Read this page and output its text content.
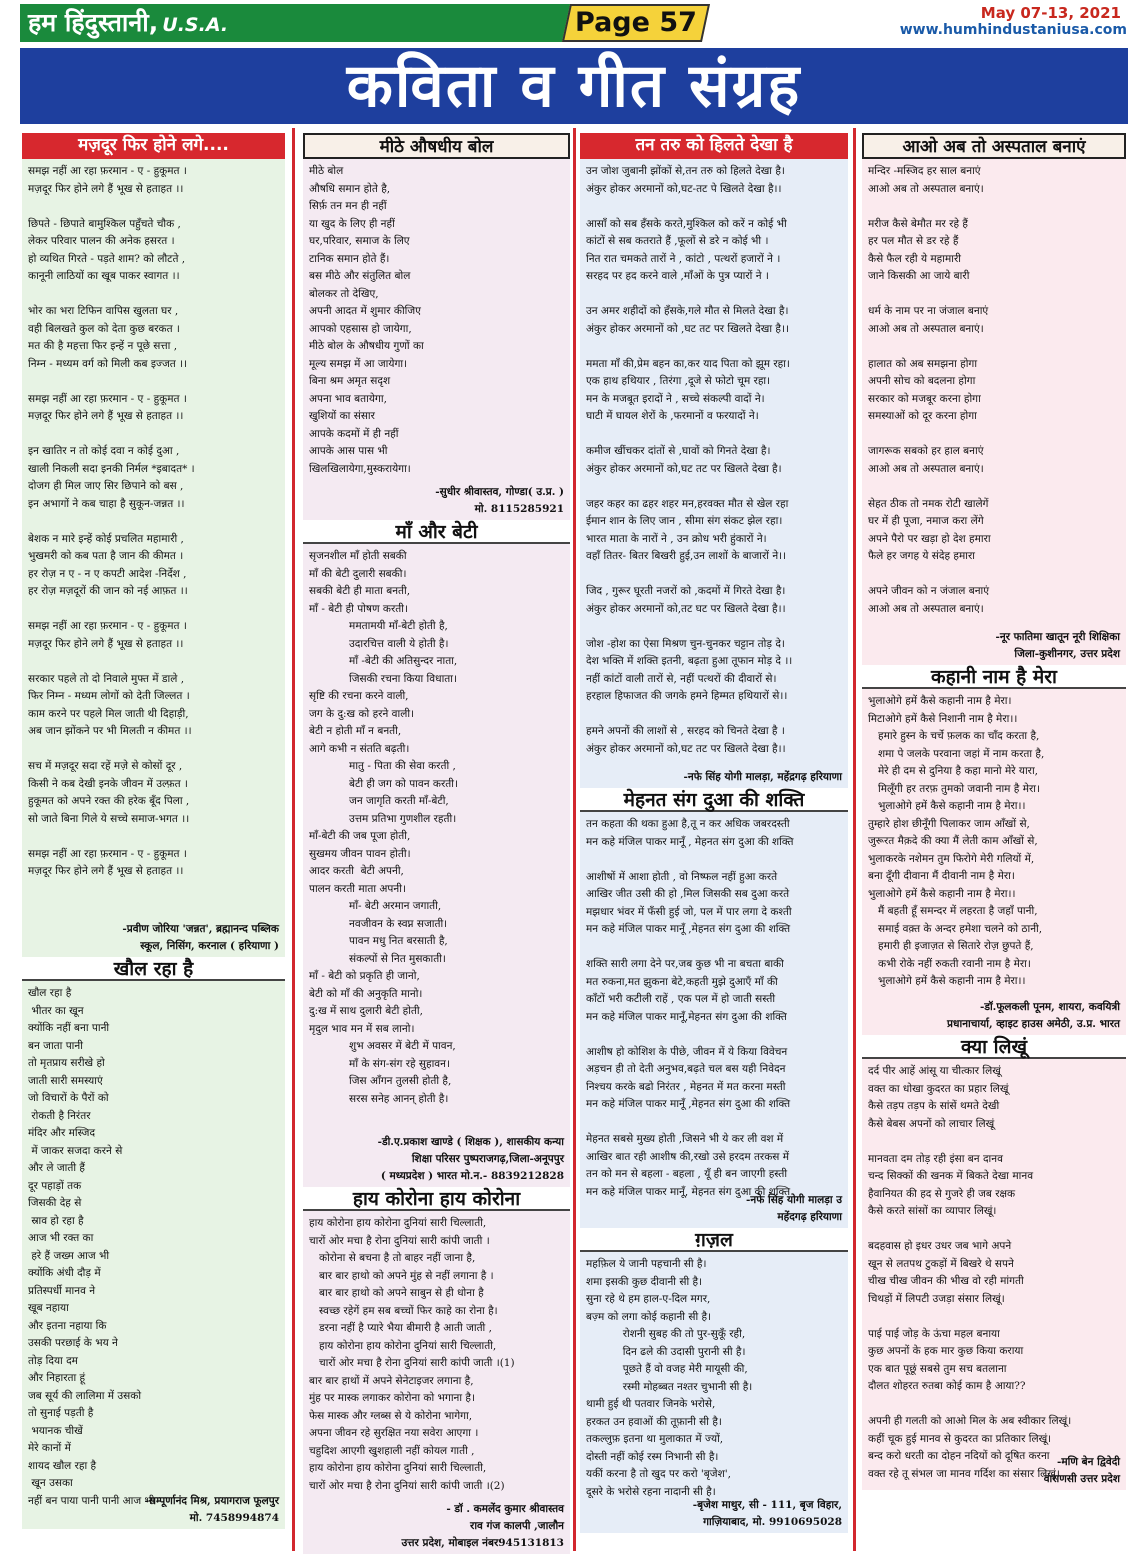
हम हिंदुस्तानी, U.S.A.	Page 57	May 07-13, 2021
www.humhindustaniusa.com
कविता व गीत संग्रह
मज़दूर फिर होने लगे....
समझ नहीं आ रहा फ़रमान - ए - हुकूमत ।
मज़दूर फिर होने लगे हैं भूख से हताहत ।।

छिपते - छिपाते बामुश्किल पहुँचते चौक ,
लेकर परिवार पालन की अनेक हसरत ।
हो व्यथित गिरते - पड़ते शाम? को लौटते ,
कानूनी लाठियों का खूब पाकर स्वागत ।।

भोर का भरा टिफिन वापिस खुलता घर ,
वही बिलखते कुल को देता कुछ बरकत ।
मत की है महत्ता फिर इन्हें न पूछे सत्ता ,
निम्न - मध्यम वर्ग को मिली कब इज्जत ।।

समझ नहीं आ रहा फ़रमान - ए - हुकूमत ।
मज़दूर फिर होने लगे हैं भूख से हताहत ।।

इन खातिर न तो कोई दवा न कोई दुआ ,
खाली निकली सदा इनकी निर्मल *इबादत* ।
दोजग ही मिल जाए सिर छिपाने को बस ,
इन अभागों ने कब चाहा है सुकून-जन्नत ।।

बेशक न मारे इन्हें कोई प्रचलित महामारी ,
भुखमरी को कब पता है जान की कीमत ।
हर रोज़ न ए - न ए कपटी आदेश -निर्देश ,
हर रोज़ मज़दूरों की जान को नई आफ़त ।।

समझ नहीं आ रहा फ़रमान - ए - हुकूमत ।
मज़दूर फिर होने लगे हैं भूख से हताहत ।।

सरकार पहले तो दो निवाले मुफ्त में डाले ,
फिर निम्न - मध्यम लोगों को देती जिल्लत ।
काम करने पर पहले मिल जाती थी दिहाड़ी,
अब जान झोंकने पर भी मिलती न कीमत ।।

सच में मज़दूर सदा रहें मज़े से कोसों दूर ,
किसी ने कब देखी इनके जीवन में उल्फ़त ।
हुकूमत को अपने रक्त की हरेक बूँद पिला ,
सो जाते बिना गिले ये सच्चे समाज-भगत ।।

समझ नहीं आ रहा फ़रमान - ए - हुकूमत ।
मज़दूर फिर होने लगे हैं भूख से हताहत ।।
-प्रवीण जोरिया 'जन्नत', ब्रह्मानन्द पब्लिक
स्कूल, निसिंग, करनाल ( हरियाणा )
खौल रहा है
खौल रहा है
भीतर का खून
क्योंकि नहीं बना पानी
बन जाता पानी
तो मृतप्राय सरीखे हो
जाती सारी समस्याएं
जो विचारों के पैरों को
रोकती है निरंतर
मंदिर और मस्जिद
में जाकर सजदा करने से
और ले जाती हैं
दूर पहाड़ों तक
जिसकी देह से
स्राव हो रहा है
आज भी रक्त का
हरे हैं जख्म आज भी
क्योंकि अंधी दौड़ में
प्रतिस्पर्धी मानव ने
खूब नहाया
और इतना नहाया कि
उसकी परछाई के भय ने
तोड़ दिया दम
और निहारता हूं
जब सूर्य की लालिमा में उसको
तो सुनाई पड़ती है
भयानक चीखें
मेरे कानों में
शायद खौल रहा है
खून उसका
नहीं बन पाया पानी पानी आज -सम्पूर्णानंद मिश्र, प्रयागराज फूलपुर
मो. 7458994874
मीठे औषधीय बोल
मीठे बोल
औषधि समान होते है,
सिर्फ़ तन मन ही नहीं
या खुद के लिए ही नहीं
घर,परिवार, समाज के लिए
टानिक समान होते हैं।
बस मीठे और संतुलित बोल
बोलकर तो देखिए,
अपनी आदत में शुमार कीजिए
आपको एहसास हो जायेगा,
मीठे बोल के औषधीय गुणों का
मूल्य समझ में आ जायेगा।
बिना श्रम अमृत सदृश
अपना भाव बतायेगा,
खुशियों का संसार
आपके कदमों में ही नहीं
आपके आस पास भी
खिलखिलायेगा,मुस्करायेगा।
-सुधीर श्रीवास्तव, गोण्डा( उ.प्र. )
मो. 8115285921
माँ और बेटी
सृजनशील माँ होती सबकी
माँ की बेटी दुलारी सबकी।
सबकी बेटी ही माता बनती,
माँ - बेटी ही पोषण करती।
ममतामयी माँ-बेटी होती है,
उदारचित्त वाली ये होती है।
माँ -बेटी की अतिसुन्दर नाता,
जिसकी रचना किया विधाता।
सृष्टि की रचना करने वाली,
जग के दु:ख को हरने वाली।
बेटी न होती माँ न बनती,
आगे कभी न संतति बढ़ती।
मातु - पिता की सेवा करती ,
बेटी ही जग को पावन करती।
जन जागृति करती माँ-बेटी,
उत्तम प्रतिभा गुणशील रहती।
माँ-बेटी की जब पूजा होती,
सुखमय जीवन पावन होती।
आदर करती  बेटी अपनी,
पालन करती माता अपनी।
माँ- बेटी अरमान जगाती,
नवजीवन के स्वप्न सजाती।
पावन मधु नित बरसाती है,
संकल्पों से नित मुसकाती।
माँ - बेटी को प्रकृति ही जानो,
बेटी को माँ की अनुकृति मानो।
दु:ख में साथ दुलारी बेटी होती,
मृदुल भाव मन में सब लानो।
शुभ अवसर में बेटी में पावन,
माँ के संग-संग रहे सुहावन।
जिस आँगन तुलसी होती है,
सरस सनेह आनन् होती है।
-डी.ए.प्रकाश खाण्डे ( शिक्षक ), शासकीय कन्या
शिक्षा परिसर पुष्पराजगढ़,जिला-अनूपपुर
( मध्यप्रदेश ) भारत मो.न.- 8839212828
हाय कोरोना हाय कोरोना
हाय कोरोना हाय कोरोना दुनियां सारी चिल्लाती,
चारों ओर मचा है रोना दुनियां सारी कांपी जाती ।
कोरोना से बचना है तो बाहर नहीं जाना है,
बार बार हाथो को अपने मुंह से नहीं लगाना है ।
बार बार हाथो को अपने साबुन से ही धोना है
स्वच्छ रहेगें हम सब बच्चों फिर काहे का रोना है।
डरना नहीं है प्यारे भैया बीमारी है आती जाती ,
हाय कोरोना हाय कोरोना दुनियां सारी चिल्लाती,
चारों ओर मचा है रोना दुनियां सारी कांपी जाती ।(1)
बार बार हाथों में अपने सेनेटाइजर लगाना है,
मुंह पर मास्क लगाकर कोरोना को भगाना है।
फेस मास्क और ग्लब्स से ये कोरोना भागेगा,
अपना जीवन रहे सुरक्षित नया सवेरा आएगा ।
चहुदिश आएगी खुशहाली नहीं कोयल गाती ,
हाय कोरोना हाय कोरोना दुनियां सारी चिल्लाती,
चारों ओर मचा है रोना दुनियां सारी कांपी जाती ।(2)
- डॉ . कमलेंद कुमार श्रीवास्तव
राव गंज कालपी ,जालौन
उत्तर प्रदेश, मोबाइल नंबर945131813
तन तरु को हिलते देखा है
उन जोश जुबानी झोंकों से,तन तरु को हिलते देखा है।
अंकुर होकर अरमानों को,घट-तट पे खिलते देखा है।।

आसाँ को सब हँसके करते,मुश्किल को करें न कोई भी
कांटों से सब कतराते हैं ,फूलों से डरे न कोई भी ।
नित रात चमकते तारों ने , कांटो , पत्थरों हजारों ने ।
सरहद पर हद करने वाले ,माँओं के पुत्र प्यारों ने ।

उन अमर शहीदों को हँसके,गले मौत से मिलते देखा है।
अंकुर होकर अरमानों को ,घट तट पर खिलते देखा है।।

ममता माँ की,प्रेम बहन का,कर याद पिता को झूम रहा।
एक हाथ हथियार , तिरंगा ,दूजे से फोटो चूम रहा।
मन के मजबूत इरादों ने , सच्चे संकल्पी वादों ने।
घाटी में घायल शेरों के ,फरमानों व फरयादों ने।

कमीज खींचकर दांतों से ,घावों को गिनते देखा है।
अंकुर होकर अरमानों को,घट तट पर खिलते देखा है।

जहर कहर का ढहर शहर मन,हरवक्त मौत से खेल रहा
ईमान शान के लिए जान , सीमा संग संकट झेल रहा।
भारत माता के नारों ने , उन क्रोध भरी हुंकारों ने।
वहाँ तितर- बितर बिखरी हुई,उन लाशों के बाजारों ने।।

जिद , गुरूर घूरती नजरों को ,कदमों में गिरते देखा है।
अंकुर होकर अरमानों को,तट घट पर खिलते देखा है।।

जोश -होश का ऐसा मिश्रण चुन-चुनकर चट्टान तोड़ दे।
देश भक्ति में शक्ति इतनी, बढ़ता हुआ तूफान मोड़ दे ।।
नहीं कांटों वाली तारों से, नहीं पत्थरों की दीवारों से।
हरहाल हिफाजत की जगके हमने हिम्मत हथियारों से।।

हमने अपनों की लाशों से , सरहद को चिनते देखा है ।
अंकुर होकर अरमानों को,घट तट पर खिलते देखा है।।
-नफे सिंह योगी मालड़ा, महेंद्रगढ़ हरियाणा
मेहनत संग दुआ की शक्ति
तन कहता की थका हुआ है,तू न कर अधिक जबरदस्ती
मन कहे मंजिल पाकर मानूँ , मेहनत संग दुआ की शक्ति

आशीषों में आशा होती , वो निष्फल नहीं हुआ करते
आखिर जीत उसी की हो ,मिल जिसकी सब दुआ करते
मझधार भंवर में फँसी हुई जो, पल में पार लगा दे कश्ती
मन कहे मंजिल पाकर मानूँ ,मेहनत संग दुआ की शक्ति

शक्ति सारी लगा देने पर,जब कुछ भी ना बचता बाकी
मत रुकना,मत झुकना बेटे,कहती मुझे दुआएँ माँ की
काँटों भरी कटीली राहें , एक पल में हो जाती सस्ती
मन कहे मंजिल पाकर मानूँ,मेहनत संग दुआ की शक्ति

आशीष हो कोशिश के पीछे, जीवन में ये किया विवेचन
अड़चन ही तो देती अनुभव,बढ़ते चल बस यही निवेदन
निश्चय करके बढो निरंतर , मेहनत में मत करना मस्ती
मन कहे मंजिल पाकर मानूँ ,मेहनत संग दुआ की शक्ति

मेहनत सबसे मुख्य होती ,जिसने भी ये कर ली वश में
आखिर बात रही आशीष की,रखो उसे हरदम तरकस में
तन को मन से बहला - बहला , यूँ ही बन जाएगी हस्ती
मन कहे मंजिल पाकर मानूँ, मेहनत संग दुआ
-नफे सिंह योगी मालड़ा उ
महेंदगढ़ हरियाणा
ग़ज़ल
महफ़िल ये जानी पहचानी सी है।
शमा इसकी कुछ दीवानी सी है।
सुना रहे थे हम हाल-ए-दिल मगर,
बज़्म को लगा कोई कहानी सी है।
रोशनी सुबह की तो पुर-सुकूँ रही,
दिन ढले की उदासी पुरानी सी है।
पूछते हैं वो वजह मेरी मायूसी की,
रस्मी मोहब्बत नश्तर चुभानी सी है।
थामी हुई थी पतवार जिनके भरोसे,
हरकत उन हवाओं की तूफ़ानी सी है।
तकल्लुफ़ इतना था मुलाकात में ज्यों,
दोस्ती नहीं कोई रस्म निभानी सी है।
यकीं करना है तो खुद पर करो 'बृजेश',
दूसरे के भरोसे रहना नादानी सी है।
-बृजेश माथुर, सी - 111, बृज विहार,
गाज़ियाबाद, मो. 9910695028
आओ अब तो अस्पताल बनाएं
मन्दिर -मस्जिद हर साल बनाएं
आओ अब तो अस्पताल बनाएं।

मरीज कैसे बेमौत मर रहे हैं
हर पल मौत से डर रहे हैं
कैसे फैल रही ये महामारी
जाने किसकी आ जाये बारी

धर्म के नाम पर ना जंजाल बनाएं
आओ अब तो अस्पताल बनाएं।

हालात को अब समझना होगा
अपनी सोच को बदलना होगा
सरकार को मजबूर करना होगा
समस्याओं को दूर करना होगा

जागरूक सबको हर हाल बनाएं
आओ अब तो अस्पताल बनाएं।

सेहत ठीक तो नमक रोटी खालेगें
घर में ही पूजा, नमाज करा लेंगे
अपने पैरो पर खड़ा हो देश हमारा
फैले हर जगह ये संदेह हमारा

अपने जीवन को न जंजाल बनाएं
आओ अब तो अस्पताल बनाएं।
-नूर फातिमा खातून नूरी शिक्षिका
जिला-कुशीनगर, उत्तर प्रदेश
कहानी नाम है मेरा
भुलाओगे हमें कैसे कहानी नाम है मेरा।
मिटाओगे हमें कैसे निशानी नाम है मेरा।।
हमारे हुस्न के चर्चे फ़लक का चाँद करता है,
शमा पे जलके परवाना जहां में नाम करता है,
मेरे ही दम से दुनिया है कहा मानो मेरे यारा,
मिलूँगी हर तरफ़ तुमको जवानी नाम है मेरा।
भुलाओगे हमें कैसे कहानी नाम है मेरा।।
तुम्हारे होश छीनूँगी पिलाकर जाम आँखों से,
जुरूरत मैक़दे की क्या मैं लेती काम आँखों से,
भुलाकरके नशेमन तुम फिरोगे मेरी गलियों में,
बना दूँगी दीवाना मैं दीवानी नाम है मेरा।
भुलाओगे हमें कैसे कहानी नाम है मेरा।।
मैं बहती हूँ समन्दर में लहरता है जहाँ पानी,
समाई वक़्त के अन्दर हमेशा चलने को ठानी,
हमारी ही इजाज़त से सितारे रोज़ छुपते हैं,
कभी रोके नहीं रुकती रवानी नाम है मेरा।
भुलाओगे हमें कैसे कहानी नाम है मेरा।।
-डॉ.फूलकली पूनम, शायरा, कवयित्री
प्रधानाचार्या, व्हाइट हाउस अमेठी, उ.प्र. भारत
क्या लिखूं
दर्द पीर आहें आंसू या चीत्कार लिखूं
वक्त का धोखा कुदरत का प्रहार लिखूं
कैसे तड़प तड़प के सांसें थमते देखी
कैसे बेबस अपनों को लाचार लिखूं

मानवता दम तोड़ रही इंसा बन दानव
चन्द सिक्कों की खनक में बिकते देखा मानव
हैवानियत की हद से गुजरे ही जब रक्षक
कैसे करते सांसों का व्यापार लिखूं।

बदहवास हो इधर उधर जब भागे अपने
खून से लतपथ टुकड़ों में बिखरे थे सपने
चीख चीख जीवन की भीख वो रही मांगती
चिथड़ों में लिपटी उजड़ा संसार लिखूं।

पाई पाई जोड़ के ऊंचा महल बनाया
कुछ अपनों के हक मार कुछ किया कराया
एक बात पूछूं सबसे तुम सच बतलाना
दौलत शोहरत रुतबा कोई काम है आया??

अपनी ही गलती को आओ मिल के अब स्वीकार लिखूं।
कहीं चूक हुई मानव से कुदरत का प्रतिकार लिखूं।
बन्द करो धरती का दोहन नदियों को दूषित करना
वक्त रहे तू संभल जा मानव गर्दिश का संसार
-मणि बेन द्विवेदी
वाराणसी उत्तर प्रदेश
